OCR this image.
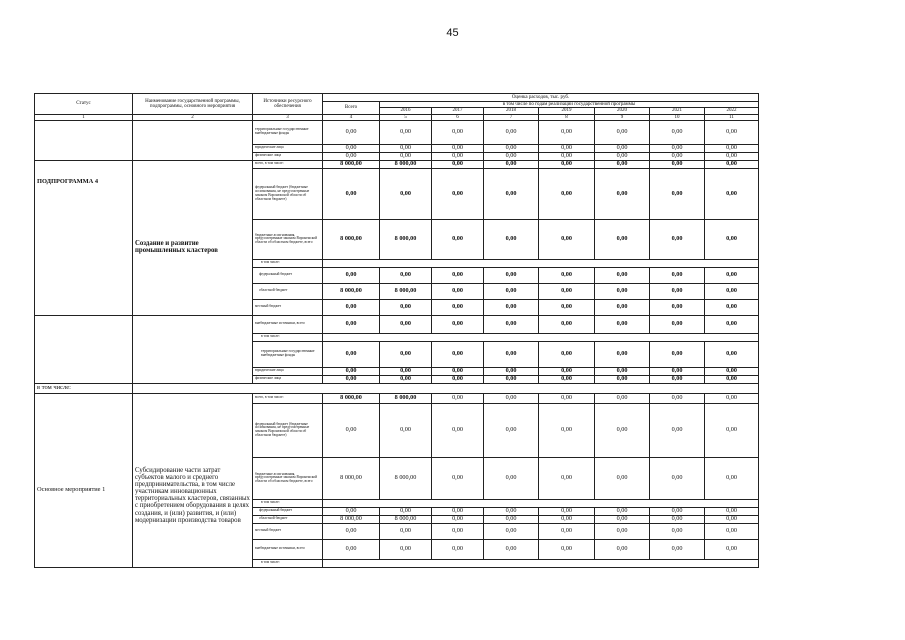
45
Статус	Наименование государственной программы, подпрограммы, основного мероприятия	Источники ресурсного обеспечения	Оценка расходов, тыс. руб.							
			Всего	в том числе по годам реализации государственной программы						
				2016	2017	2018	2019	2020	2021	2022
1	2	3	4	5	6	7	8	9	10	11
		территориальные государственные внебюджетные фонды	0,00	0,00	0,00	0,00	0,00	0,00	0,00	0,00
		юридические лица	0,00	0,00	0,00	0,00	0,00	0,00	0,00	0,00
		физические лица	0,00	0,00	0,00	0,00	0,00	0,00	0,00	0,00
ПОДПРОГРАММА 4	Создание и развитие промышленных кластеров	всего, в том числе:	8 000,00	8 000,00	0,00	0,00	0,00	0,00	0,00	0,00
		федеральный бюджет (бюджетные ассигнования, не предусмотренные законом Воронежской области об областном бюджете)	0,00	0,00	0,00	0,00	0,00	0,00	0,00	0,00
		бюджетные ассигнования, предусмотренные законом Воронежской области об областном бюджете, всего	8 000,00	8 000,00	0,00	0,00	0,00	0,00	0,00	0,00
		в том числе:								
		федеральный бюджет	0,00	0,00	0,00	0,00	0,00	0,00	0,00	0,00
		областной бюджет	8 000,00	8 000,00	0,00	0,00	0,00	0,00	0,00	0,00
		местный бюджет	0,00	0,00	0,00	0,00	0,00	0,00	0,00	0,00
		внебюджетные источники, всего	0,00	0,00	0,00	0,00	0,00	0,00	0,00	0,00
		в том числе:								
		территориальные государственные внебюджетные фонды	0,00	0,00	0,00	0,00	0,00	0,00	0,00	0,00
		юридические лица	0,00	0,00	0,00	0,00	0,00	0,00	0,00	0,00
		физические лица	0,00	0,00	0,00	0,00	0,00	0,00	0,00	0,00
в том числе:										
Основное мероприятие 1	Субсидирование части затрат субъектов малого и среднего предпринимательства, в том числе участникам инновационных территориальных кластеров, связанных с приобретением оборудования в целях создания, и (или) развития, и (или) модернизации производства товаров	всего, в том числе:	8 000,00	8 000,00	0,00	0,00	0,00	0,00	0,00	0,00
		федеральный бюджет (бюджетные ассигнования, не предусмотренные законом Воронежской области об областном бюджете)	0,00	0,00	0,00	0,00	0,00	0,00	0,00	0,00
		бюджетные ассигнования, предусмотренные законом Воронежской области об областном бюджете, всего	8 000,00	8 000,00	0,00	0,00	0,00	0,00	0,00	0,00
		в том числе:								
		федеральный бюджет	0,00	0,00	0,00	0,00	0,00	0,00	0,00	0,00
		областной бюджет	8 000,00	8 000,00	0,00	0,00	0,00	0,00	0,00	0,00
		местный бюджет	0,00	0,00	0,00	0,00	0,00	0,00	0,00	0,00
		внебюджетные источники, всего	0,00	0,00	0,00	0,00	0,00	0,00	0,00	0,00
		в том числе:								
